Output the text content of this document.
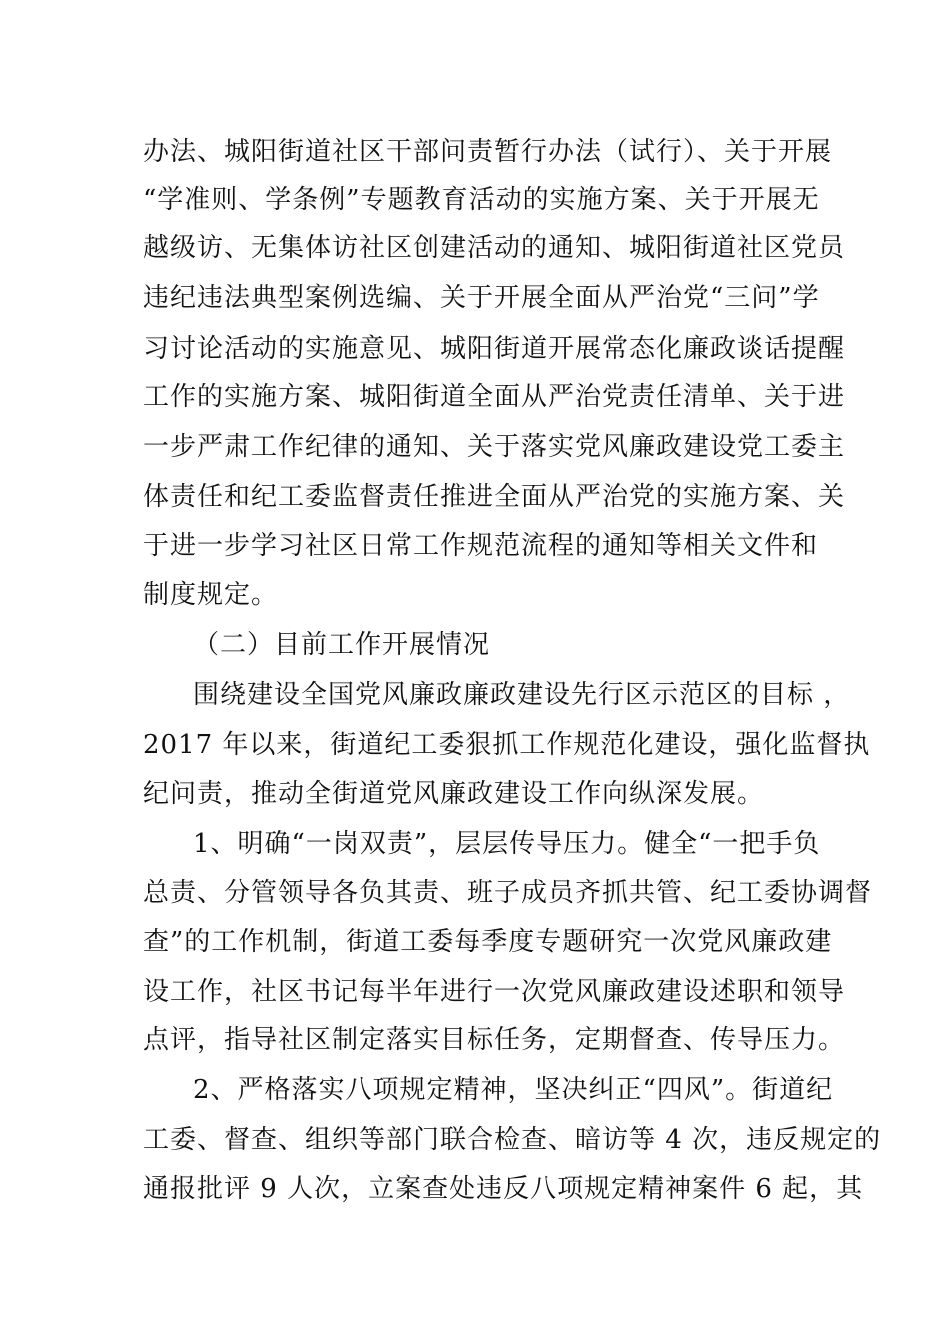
办法、城阳街道社区干部问责暂行办法（试行）、关于开展
“学准则、学条例”专题教育活动的实施方案、关于开展无
越级访、无集体访社区创建活动的通知、城阳街道社区党员
违纪违法典型案例选编、关于开展全面从严治党“三问”学
习讨论活动的实施意见、城阳街道开展常态化廉政谈话提醒
工作的实施方案、城阳街道全面从严治党责任清单、关于进
一步严肃工作纪律的通知、关于落实党风廉政建设党工委主
体责任和纪工委监督责任推进全面从严治党的实施方案、关
于进一步学习社区日常工作规范流程的通知等相关文件和
制度规定。
（二）目前工作开展情况
围绕建设全国党风廉政廉政建设先行区示范区的目标 ，
2017 年以来，街道纪工委狠抓工作规范化建设，强化监督执
纪问责，推动全街道党风廉政建设工作向纵深发展。
1、明确“一岗双责”，层层传导压力。健全“一把手负
总责、分管领导各负其责、班子成员齐抓共管、纪工委协调督
查”的工作机制，街道工委每季度专题研究一次党风廉政建
设工作，社区书记每半年进行一次党风廉政建设述职和领导
点评，指导社区制定落实目标任务，定期督查、传导压力。
2、严格落实八项规定精神，坚决纠正“四风”。街道纪
工委、督查、组织等部门联合检查、暗访等 4 次，违反规定的
通报批评 9 人次，立案查处违反八项规定精神案件 6 起，其
